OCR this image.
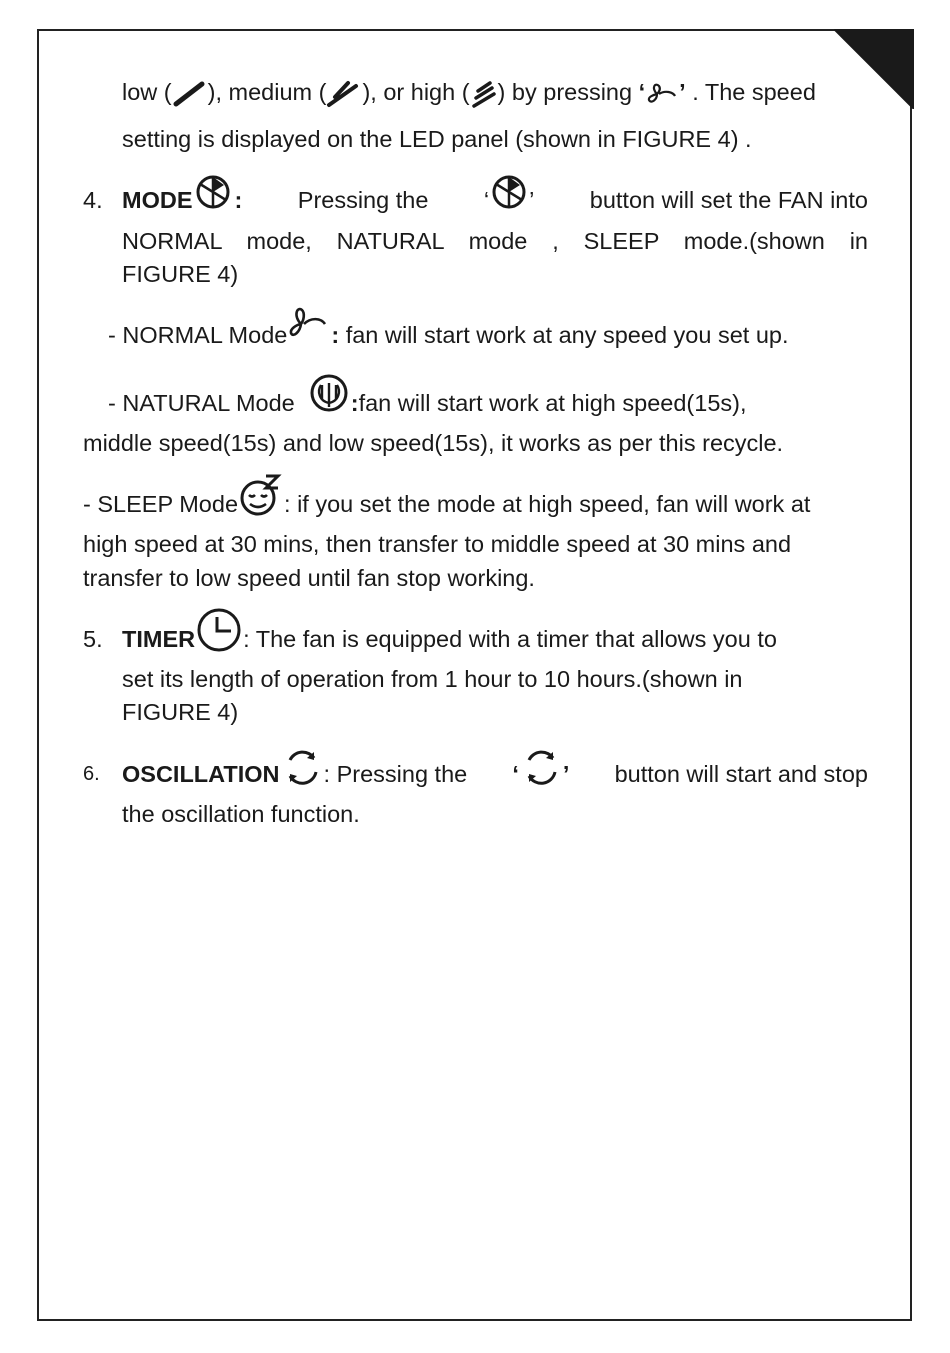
low ( ), medium ( ), or high ( ) by pressing ‘ ’ . The speed
setting is displayed on the LED panel (shown in FIGURE 4) .
4. MODE : Pressing the ‘ ’ button will set the FAN into
NORMAL mode, NATURAL mode , SLEEP mode.(shown in
FIGURE 4)
- NORMAL Mode : fan will start work at any speed you set up.
- NATURAL Mode :fan will start work at high speed(15s),
middle speed(15s) and low speed(15s), it works as per this recycle.
- SLEEP Mode : if you set the mode at high speed, fan will work at
high speed at 30 mins, then transfer to middle speed at 30 mins and
transfer to low speed until fan stop working.
5. TIMER : The fan is equipped with a timer that allows you to
set its length of operation from 1 hour to 10 hours.(shown in
FIGURE 4)
6. OSCILLATION : Pressing the ‘ ’ button will start and stop
the oscillation function.
